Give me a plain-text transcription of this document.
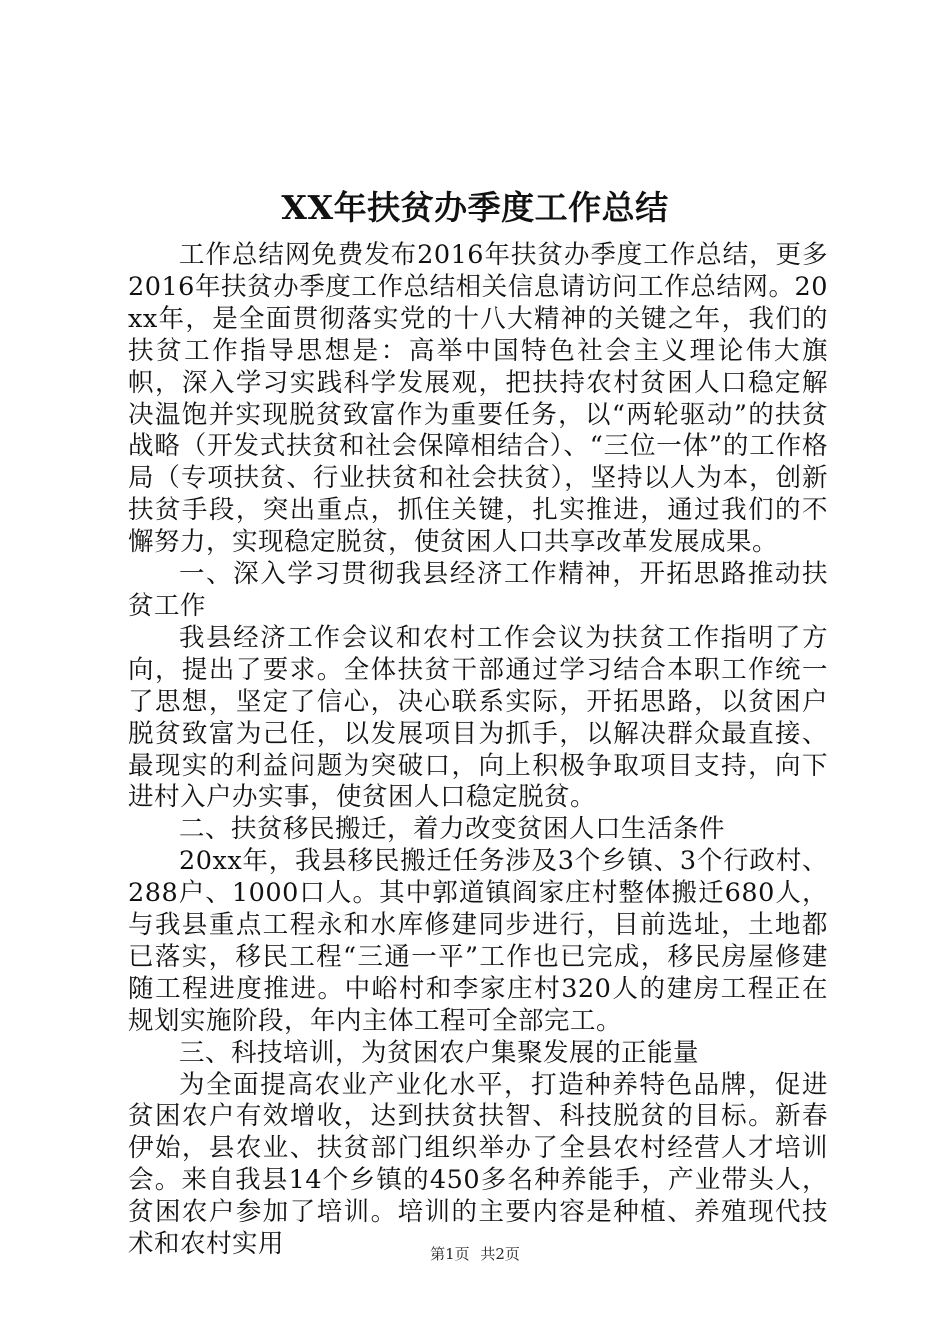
XX年扶贫办季度工作总结

工作总结网免费发布2016年扶贫办季度工作总结，更多2016年扶贫办季度工作总结相关信息请访问工作总结网。20xx年，是全面贯彻落实党的十八大精神的关键之年，我们的扶贫工作指导思想是：高举中国特色社会主义理论伟大旗帜，深入学习实践科学发展观，把扶持农村贫困人口稳定解决温饱并实现脱贫致富作为重要任务，以“两轮驱动”的扶贫战略（开发式扶贫和社会保障相结合）、“三位一体”的工作格局（专项扶贫、行业扶贫和社会扶贫），坚持以人为本，创新扶贫手段，突出重点，抓住关键，扎实推进，通过我们的不懈努力，实现稳定脱贫，使贫困人口共享改革发展成果。

一、深入学习贯彻我县经济工作精神，开拓思路推动扶贫工作

我县经济工作会议和农村工作会议为扶贫工作指明了方向，提出了要求。全体扶贫干部通过学习结合本职工作统一了思想，坚定了信心，决心联系实际，开拓思路，以贫困户脱贫致富为己任，以发展项目为抓手，以解决群众最直接、最现实的利益问题为突破口，向上积极争取项目支持，向下进村入户办实事，使贫困人口稳定脱贫。

二、扶贫移民搬迁，着力改变贫困人口生活条件

20xx年，我县移民搬迁任务涉及3个乡镇、3个行政村、288户、1000口人。其中郭道镇阎家庄村整体搬迁680人，与我县重点工程永和水库修建同步进行，目前选址，土地都已落实，移民工程“三通一平”工作也已完成，移民房屋修建随工程进度推进。中峪村和李家庄村320人的建房工程正在规划实施阶段，年内主体工程可全部完工。

三、科技培训，为贫困农户集聚发展的正能量

为全面提高农业产业化水平，打造种养特色品牌，促进贫困农户有效增收，达到扶贫扶智、科技脱贫的目标。新春伊始，县农业、扶贫部门组织举办了全县农村经营人才培训会。来自我县14个乡镇的450多名种养能手，产业带头人，贫困农户参加了培训。培训的主要内容是种植、养殖现代技术和农村实用	第1页 共2页
